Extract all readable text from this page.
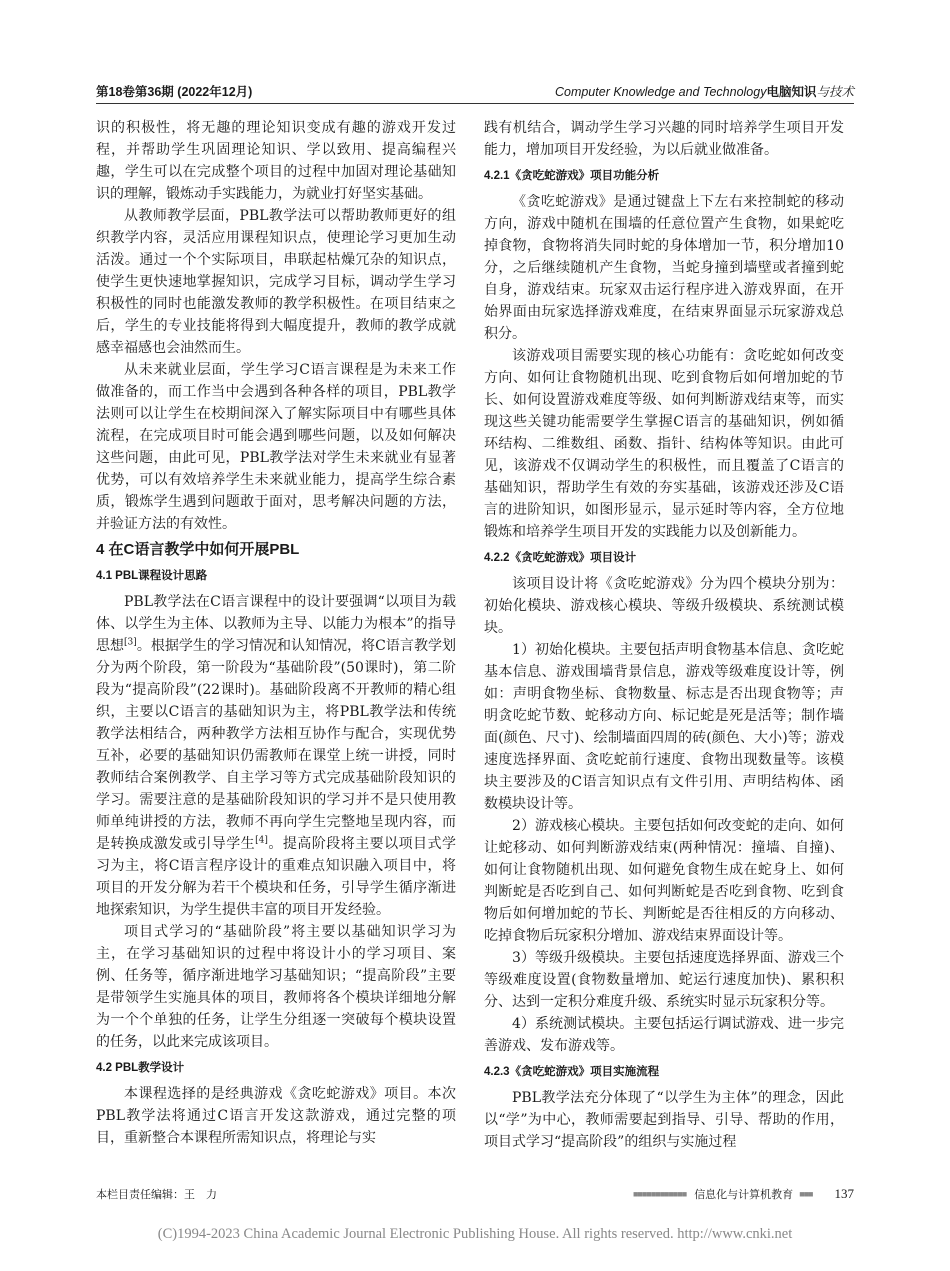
第18卷第36期 (2022年12月)	Computer Knowledge and Technology电脑知识与技术

识的积极性，将无趣的理论知识变成有趣的游戏开发过程，并帮助学生巩固理论知识、学以致用、提高编程兴趣，学生可以在完成整个项目的过程中加固对理论基础知识的理解，锻炼动手实践能力，为就业打好坚实基础。

从教师教学层面，PBL教学法可以帮助教师更好的组织教学内容，灵活应用课程知识点，使理论学习更加生动活泼。通过一个个实际项目，串联起枯燥冗杂的知识点，使学生更快速地掌握知识，完成学习目标，调动学生学习积极性的同时也能激发教师的教学积极性。在项目结束之后，学生的专业技能将得到大幅度提升，教师的教学成就感幸福感也会油然而生。

从未来就业层面，学生学习C语言课程是为未来工作做准备的，而工作当中会遇到各种各样的项目，PBL教学法则可以让学生在校期间深入了解实际项目中有哪些具体流程，在完成项目时可能会遇到哪些问题，以及如何解决这些问题，由此可见，PBL教学法对学生未来就业有显著优势，可以有效培养学生未来就业能力，提高学生综合素质，锻炼学生遇到问题敢于面对，思考解决问题的方法，并验证方法的有效性。

4 在C语言教学中如何开展PBL
4.1 PBL课程设计思路

PBL教学法在C语言课程中的设计要强调“以项目为载体、以学生为主体、以教师为主导、以能力为根本”的指导思想[3]。根据学生的学习情况和认知情况，将C语言教学划分为两个阶段，第一阶段为“基础阶段”(50课时)，第二阶段为“提高阶段”(22课时)。基础阶段离不开教师的精心组织，主要以C语言的基础知识为主，将PBL教学法和传统教学法相结合，两种教学方法相互协作与配合，实现优势互补，必要的基础知识仍需教师在课堂上统一讲授，同时教师结合案例教学、自主学习等方式完成基础阶段知识的学习。需要注意的是基础阶段知识的学习并不是只使用教师单纯讲授的方法，教师不再向学生完整地呈现内容，而是转换成激发或引导学生[4]。提高阶段将主要以项目式学习为主，将C语言程序设计的重难点知识融入项目中，将项目的开发分解为若干个模块和任务，引导学生循序渐进地探索知识，为学生提供丰富的项目开发经验。

项目式学习的“基础阶段”将主要以基础知识学习为主，在学习基础知识的过程中将设计小的学习项目、案例、任务等，循序渐进地学习基础知识；“提高阶段”主要是带领学生实施具体的项目，教师将各个模块详细地分解为一个个单独的任务，让学生分组逐一突破每个模块设置的任务，以此来完成该项目。

4.2 PBL教学设计

本课程选择的是经典游戏《贪吃蛇游戏》项目。本次PBL教学法将通过C语言开发这款游戏，通过完整的项目，重新整合本课程所需知识点，将理论与实

践有机结合，调动学生学习兴趣的同时培养学生项目开发能力，增加项目开发经验，为以后就业做准备。

4.2.1《贪吃蛇游戏》项目功能分析

《贪吃蛇游戏》是通过键盘上下左右来控制蛇的移动方向，游戏中随机在围墙的任意位置产生食物，如果蛇吃掉食物，食物将消失同时蛇的身体增加一节，积分增加10分，之后继续随机产生食物，当蛇身撞到墙壁或者撞到蛇自身，游戏结束。玩家双击运行程序进入游戏界面，在开始界面由玩家选择游戏难度，在结束界面显示玩家游戏总积分。

该游戏项目需要实现的核心功能有：贪吃蛇如何改变方向、如何让食物随机出现、吃到食物后如何增加蛇的节长、如何设置游戏难度等级、如何判断游戏结束等，而实现这些关键功能需要学生掌握C语言的基础知识，例如循环结构、二维数组、函数、指针、结构体等知识。由此可见，该游戏不仅调动学生的积极性，而且覆盖了C语言的基础知识，帮助学生有效的夯实基础，该游戏还涉及C语言的进阶知识，如图形显示，显示延时等内容，全方位地锻炼和培养学生项目开发的实践能力以及创新能力。

4.2.2《贪吃蛇游戏》项目设计

该项目设计将《贪吃蛇游戏》分为四个模块分别为：初始化模块、游戏核心模块、等级升级模块、系统测试模块。

1）初始化模块。主要包括声明食物基本信息、贪吃蛇基本信息、游戏围墙背景信息，游戏等级难度设计等，例如：声明食物坐标、食物数量、标志是否出现食物等；声明贪吃蛇节数、蛇移动方向、标记蛇是死是活等；制作墙面(颜色、尺寸)、绘制墙面四周的砖(颜色、大小)等；游戏速度选择界面、贪吃蛇前行速度、食物出现数量等。该模块主要涉及的C语言知识点有文件引用、声明结构体、函数模块设计等。

2）游戏核心模块。主要包括如何改变蛇的走向、如何让蛇移动、如何判断游戏结束(两种情况：撞墙、自撞)、如何让食物随机出现、如何避免食物生成在蛇身上、如何判断蛇是否吃到自己、如何判断蛇是否吃到食物、吃到食物后如何增加蛇的节长、判断蛇是否往相反的方向移动、吃掉食物后玩家积分增加、游戏结束界面设计等。

3）等级升级模块。主要包括速度选择界面、游戏三个等级难度设置(食物数量增加、蛇运行速度加快)、累积积分、达到一定积分难度升级、系统实时显示玩家积分等。

4）系统测试模块。主要包括运行调试游戏、进一步完善游戏、发布游戏等。

4.2.3《贪吃蛇游戏》项目实施流程

PBL教学法充分体现了“以学生为主体”的理念，因此以“学”为中心，教师需要起到指导、引导、帮助的作用，项目式学习“提高阶段”的组织与实施过程

本栏目责任编辑：王　力	■■■■■■■■■■■■ 信息化与计算机教育 ■■■ 137
(C)1994-2023 China Academic Journal Electronic Publishing House. All rights reserved. http://www.cnki.net
